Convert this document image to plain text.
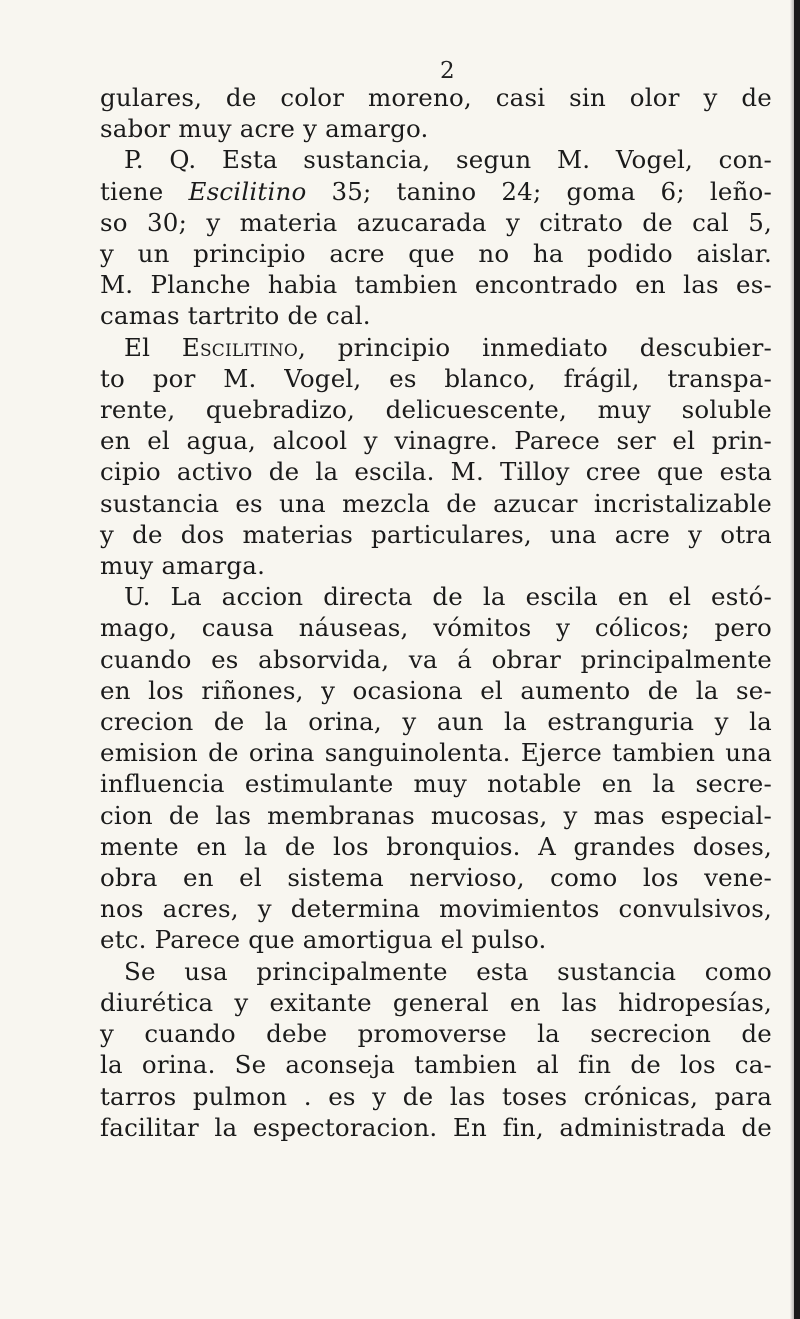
2
gulares, de color moreno, casi sin olor y de
sabor muy acre y amargo.
P. Q. Esta sustancia, segun M. Vogel, con-
tiene Escilitino 35; tanino 24; goma 6; leño-
so 30; y materia azucarada y citrato de cal 5,
y un principio acre que no ha podido aislar.
M. Planche habia tambien encontrado en las es-
camas tartrito de cal.
El Escilitino, principio inmediato descubier-
to por M. Vogel, es blanco, frágil, transpa-
rente, quebradizo, delicuescente, muy soluble
en el agua, alcool y vinagre. Parece ser el prin-
cipio activo de la escila. M. Tilloy cree que esta
sustancia es una mezcla de azucar incristalizable
y de dos materias particulares, una acre y otra
muy amarga.
U. La accion directa de la escila en el estó-
mago, causa náuseas, vómitos y cólicos; pero
cuando es absorvida, va á obrar principalmente
en los riñones, y ocasiona el aumento de la se-
crecion de la orina, y aun la estranguria y la
emision de orina sanguinolenta. Ejerce tambien una
influencia estimulante muy notable en la secre-
cion de las membranas mucosas, y mas especial-
mente en la de los bronquios. A grandes doses,
obra en el sistema nervioso, como los vene-
nos acres, y determina movimientos convulsivos,
etc. Parece que amortigua el pulso.
Se usa principalmente esta sustancia como
diurética y exitante general en las hidropesías,
y cuando debe promoverse la secrecion de
la orina. Se aconseja tambien al fin de los ca-
tarros pulmon . es y de las toses crónicas, para
facilitar la espectoracion. En fin, administrada de
